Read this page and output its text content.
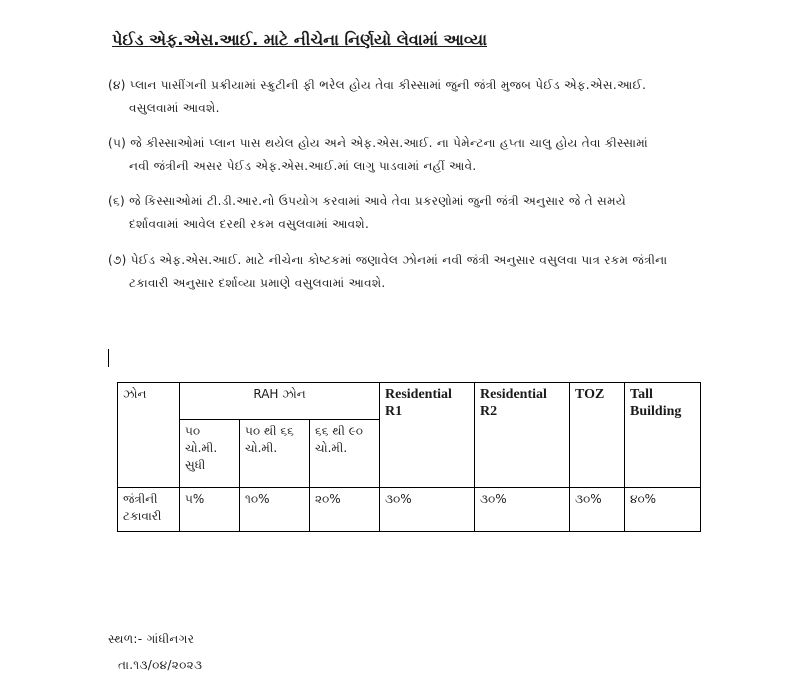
પેઈડ એફ.એસ.આઈ. માટે નીચેના નિર્ણયો લેવામાં આવ્યા
(૪) પ્લાન પાસીંગની પ્રક્રીયામાં સ્ક્રુટીની ફી ભરેલ હોય તેવા કીસ્સામાં જુની જંત્રી મુજબ પેઈડ એફ.એસ.આઈ.
વસુલવામાં આવશે.
(૫) જે કીસ્સાઓમાં પ્લાન પાસ થયેલ હોય અને એફ.એસ.આઈ. ના પેમેન્ટના હપ્તા ચાલુ હોય તેવા કીસ્સામાં
નવી જંત્રીની અસર પેઈડ એફ.એસ.આઈ.માં લાગુ પાડવામાં નહીં આવે.
(૬) જે કિસ્સાઓમાં ટી.ડી.આર.નો ઉપયોગ કરવામાં આવે તેવા પ્રકરણોમાં જુની જંત્રી અનુસાર જે તે સમયે
દર્શાવવામાં આવેલ દરથી રકમ વસુલવામાં આવશે.
(૭) પેઈડ એફ.એસ.આઈ. માટે નીચેના કોષ્ટકમાં જણાવેલ ઝોનમાં નવી જંત્રી અનુસાર વસુલવા પાત્ર રકમ જંત્રીના
ટકાવારી અનુસાર દર્શાવ્યા પ્રમાણે વસુલવામાં આવશે.
ઝોન	RAH ઝોન			Residential R1	Residential R2	TOZ	Tall Building
	૫૦ ચો.મી. સુધી	૫૦ થી ૬૬ ચો.મી.	૬૬ થી ૯૦ ચો.મી.				
જંત્રીની ટકાવારી	૫%	૧૦%	૨૦%	૩૦%	૩૦%	૩૦%	૪૦%
સ્થળ:- ગાંધીનગર
તા.૧૩/૦૪/૨૦૨૩
